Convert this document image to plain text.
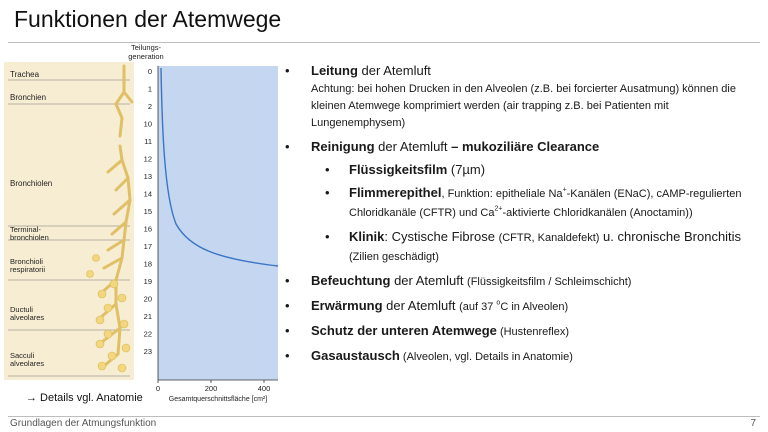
Funktionen der Atemwege
Teilungs-
generation
Trachea
Bronchien
Bronchiolen
Terminal-
bronchiolen
Bronchioli
respiratorii
Ductuli
alveolares
Sacculi
alveolares
0
1
2
10
11
12
13
14
15
16
17
18
19
20
21
22
23
0	200	400
Gesamtquerschnittsfläche [cm²]
→ Details vgl. Anatomie
• Leitung der Atemluft
Achtung: bei hohen Drucken in den Alveolen (z.B. bei forcierter Ausatmung) können die kleinen Atemwege komprimiert werden (air trapping z.B. bei Patienten mit Lungenemphysem)
• Reinigung der Atemluft – mukoziliäre Clearance
• Flüssigkeitsfilm (7µm)
• Flimmerepithel, Funktion: epitheliale Na+-Kanälen (ENaC), cAMP-regulierten Chloridkanäle (CFTR) und $Ca^{2+}$-aktivierte Chloridkanälen (Anoctamin))
• Klinik: Cystische Fibrose (CFTR, Kanaldefekt) u. chronische Bronchitis (Zilien geschädigt)
• Befeuchtung der Atemluft (Flüssigkeitsfilm / Schleimschicht)
• Erwärmung der Atemluft (auf 37 $^o$C in Alveolen)
• Schutz der unteren Atemwege (Hustenreflex)
• Gasaustausch (Alveolen, vgl. Details in Anatomie)
Grundlagen der Atmungsfunktion	7
